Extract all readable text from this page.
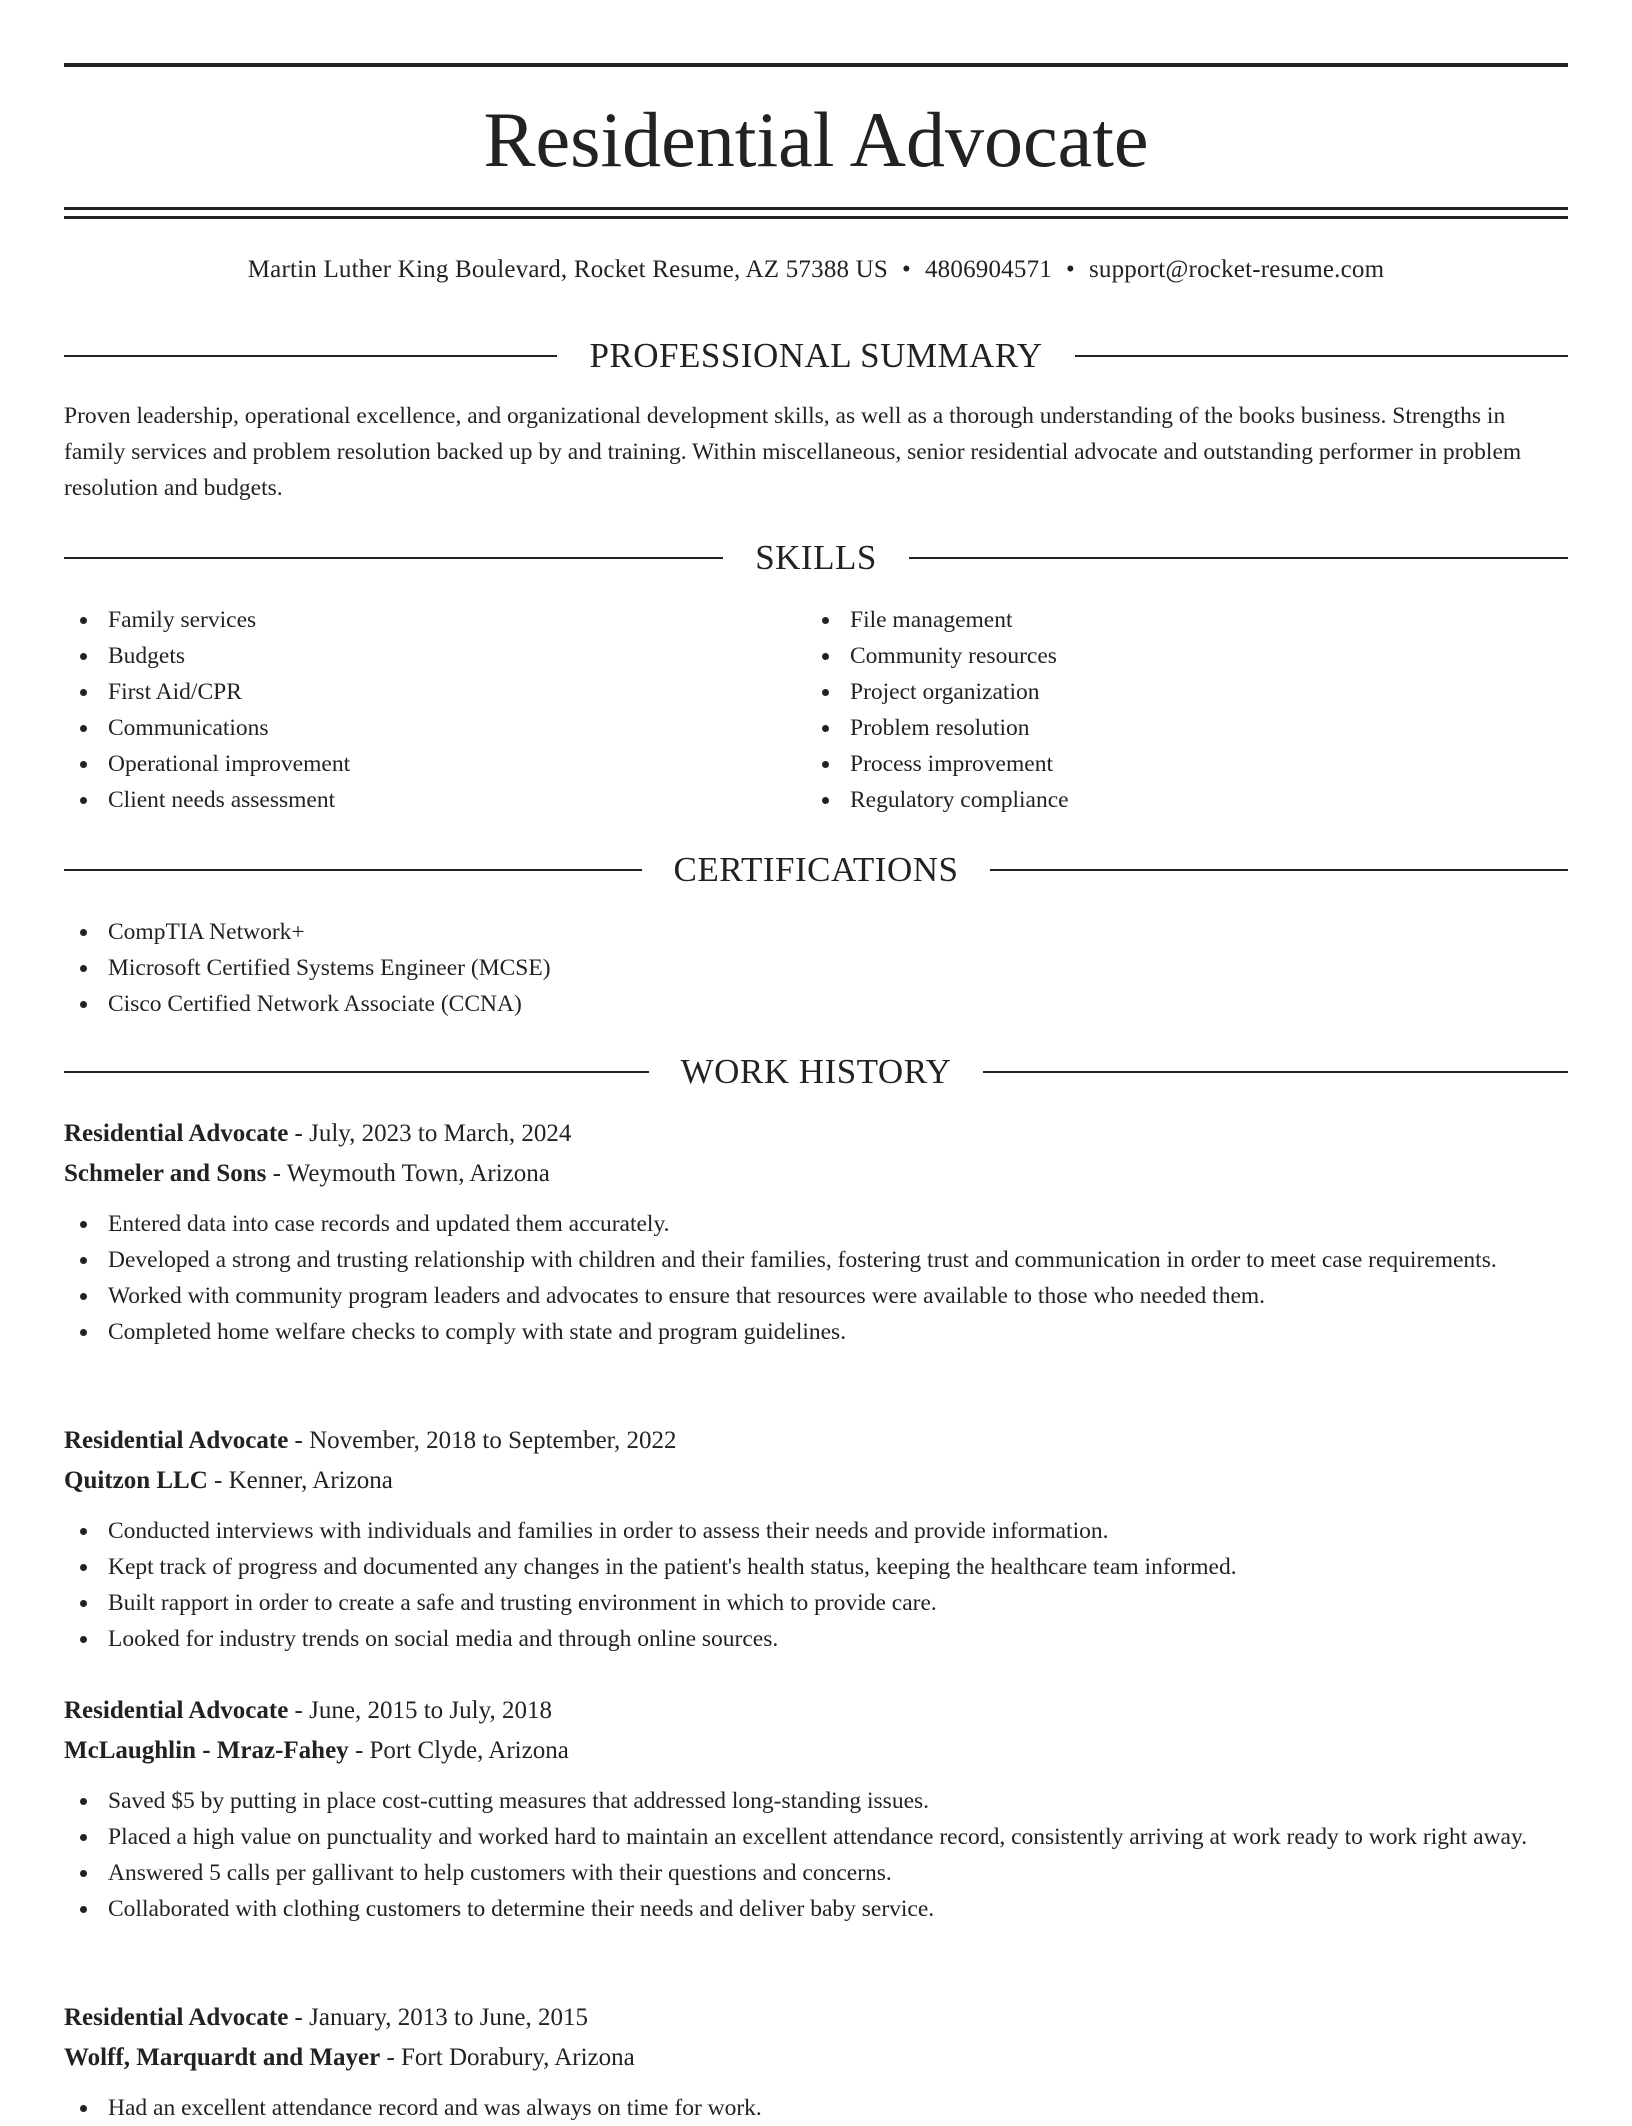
Residential Advocate
Martin Luther King Boulevard, Rocket Resume, AZ 57388 US • 4806904571 • support@rocket-resume.com
PROFESSIONAL SUMMARY

Proven leadership, operational excellence, and organizational development skills, as well as a thorough understanding of the books business. Strengths in family services and problem resolution backed up by and training. Within miscellaneous, senior residential advocate and outstanding performer in problem resolution and budgets.

SKILLS
Family services
Budgets
First Aid/CPR
Communications
Operational improvement
Client needs assessment
File management
Community resources
Project organization
Problem resolution
Process improvement
Regulatory compliance
CERTIFICATIONS
CompTIA Network+
Microsoft Certified Systems Engineer (MCSE)
Cisco Certified Network Associate (CCNA)
WORK HISTORY
Residential Advocate - July, 2023 to March, 2024
Schmeler and Sons - Weymouth Town, Arizona
Entered data into case records and updated them accurately.
Developed a strong and trusting relationship with children and their families, fostering trust and communication in order to meet case requirements.
Worked with community program leaders and advocates to ensure that resources were available to those who needed them.
Completed home welfare checks to comply with state and program guidelines.
Residential Advocate - November, 2018 to September, 2022
Quitzon LLC - Kenner, Arizona
Conducted interviews with individuals and families in order to assess their needs and provide information.
Kept track of progress and documented any changes in the patient's health status, keeping the healthcare team informed.
Built rapport in order to create a safe and trusting environment in which to provide care.
Looked for industry trends on social media and through online sources.
Residential Advocate - June, 2015 to July, 2018
McLaughlin - Mraz-Fahey - Port Clyde, Arizona
Saved $5 by putting in place cost-cutting measures that addressed long-standing issues.
Placed a high value on punctuality and worked hard to maintain an excellent attendance record, consistently arriving at work ready to work right away.
Answered 5 calls per gallivant to help customers with their questions and concerns.
Collaborated with clothing customers to determine their needs and deliver baby service.
Residential Advocate - January, 2013 to June, 2015
Wolff, Marquardt and Mayer - Fort Dorabury, Arizona
Had an excellent attendance record and was always on time for work.
